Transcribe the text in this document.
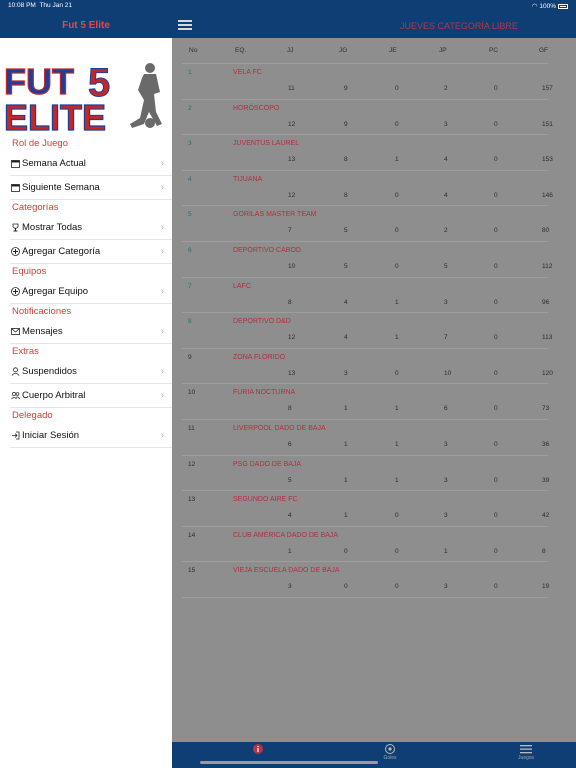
10:08 PM Thu Jan 21	◠ 100%
Fut 5 Elite
FUT 5
ELITE
Rol de Juego
Semana Actual	›
Siguiente Semana	›
Categorías
Mostrar Todas	›
Agregar Categoría	›
Equipos
Agregar Equipo	›
Notificaciones
Mensajes	›
Extras
Suspendidos	›
Cuerpo Arbitral	›
Delegado
Iniciar Sesión	›
JUEVES CATEGORÍA LIBRE
No	EQ.	JJ	JG	JE	JP	PC	GF
1	VELA FC
11	9	0	2	0	157
2	HORÓSCOPO
12	9	0	3	0	151
3	JUVENTUS LAUREL
13	8	1	4	0	153
4	TIJUANA
12	8	0	4	0	146
5	GORILAS MASTER TEAM
7	5	0	2	0	80
6	DEPORTIVO CABOD
10	5	0	5	0	112
7	LAFC
8	4	1	3	0	96
8	DEPORTIVO D&D
12	4	1	7	0	113
9	ZONA FLORIDO
13	3	0	10	0	120
10	FURIA NOCTURNA
8	1	1	6	0	73
11	LIVERPOOL DADO DE BAJA
6	1	1	3	0	36
12	PSG DADO DE BAJA
5	1	1	3	0	39
13	SEGUNDO AIRE FC
4	1	0	3	0	42
14	CLUB AMÉRICA DADO DE BAJA
1	0	0	1	0	8
15	VIEJA ESCUELA DADO DE BAJA
3	0	0	3	0	19
Goles	Juegos
